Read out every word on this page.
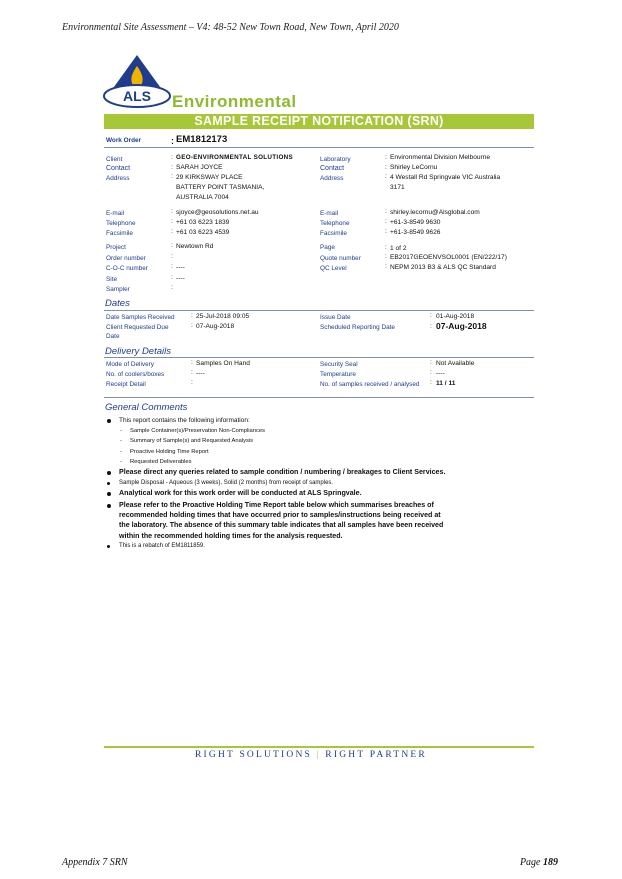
Environmental Site Assessment – V4: 48-52 New Town Road, New Town, April 2020
ALS Environmental
SAMPLE RECEIPT NOTIFICATION (SRN)
Work Order	: EM1812173
Client	: GEO-ENVIRONMENTAL SOLUTIONS
Contact	: SARAH JOYCE
Address	: 29 KIRKSWAY PLACE
BATTERY POINT TASMANIA,
AUSTRALIA 7004
E-mail	: sjoyce@geosolutions.net.au
Telephone	: +61 03 6223 1839
Facsimile	: +61 03 6223 4539
Project	: Newtown Rd
Order number	:
C-O-C number	: ----
Site	: ----
Sampler	:
Laboratory	: Environmental Division Melbourne
Contact	: Shirley LeCornu
Address	: 4 Westall Rd Springvale VIC Australia
3171
E-mail	: shirley.lecornu@Alsglobal.com
Telephone	: +61-3-8549 9630
Facsimile	: +61-3-8549 9626
Page	: 1 of 2
Quote number	: EB2017GEOENVSOL0001 (EN/222/17)
QC Level	: NEPM 2013 B3 & ALS QC Standard
Dates
Date Samples Received : 25-Jul-2018 09:05
Client Requested Due
Date
: 07-Aug-2018
Issue Date	: 01-Aug-2018
Scheduled Reporting Date	: 07-Aug-2018
Delivery Details
Mode of Delivery	: Samples On Hand
No. of coolers/boxes	: ----
Receipt Detail	:
Security Seal	: Not Available
Temperature	: ----
No. of samples received / analysed : 11 / 11
General Comments
This report contains the following information:
- Sample Container(s)/Preservation Non-Compliances
- Summary of Sample(s) and Requested Analysis
- Proactive Holding Time Report
- Requested Deliverables
Please direct any queries related to sample condition / numbering / breakages to Client Services.
Sample Disposal - Aqueous (3 weeks), Solid (2 months) from receipt of samples.
Analytical work for this work order will be conducted at ALS Springvale.
Please refer to the Proactive Holding Time Report table below which summarises breaches of
recommended holding times that have occurred prior to samples/instructions being received at
the laboratory. The absence of this summary table indicates that all samples have been received
within the recommended holding times for the analysis requested.
This is a rebatch of EM1811859.
RIGHT SOLUTIONS | RIGHT PARTNER
Appendix 7 SRN	Page 189
